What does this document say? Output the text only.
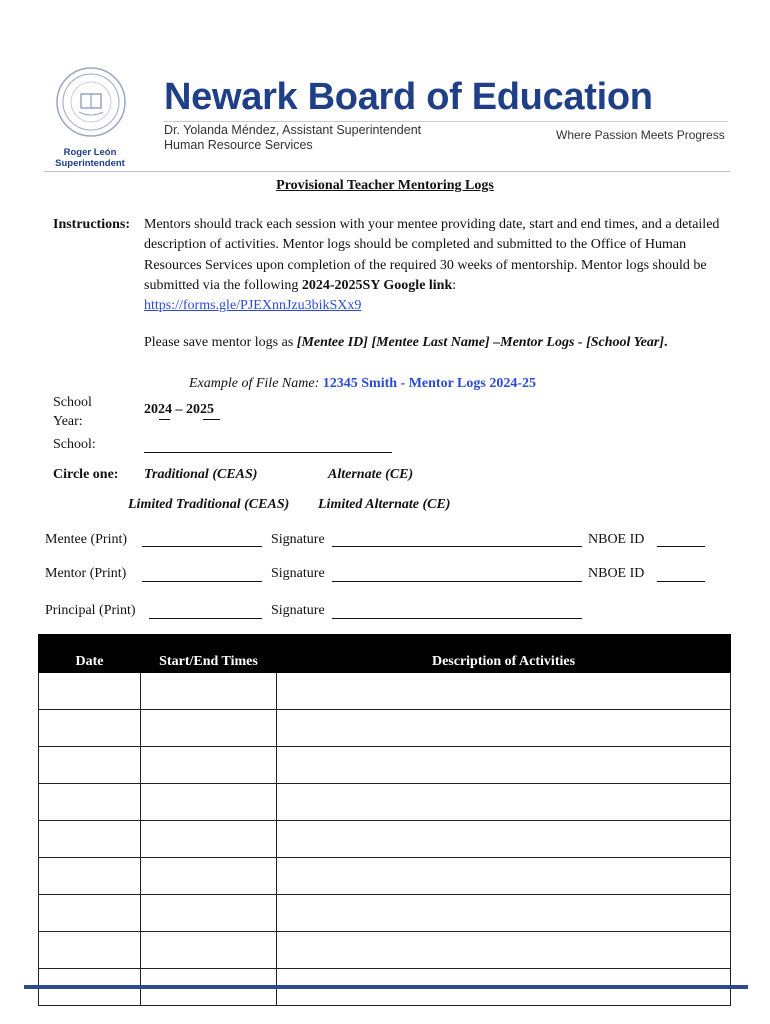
Newark Board of Education
Dr. Yolanda Méndez, Assistant Superintendent
Human Resource Services
Where Passion Meets Progress
Roger León
Superintendent
Provisional Teacher Mentoring Logs
Instructions: Mentors should track each session with your mentee providing date, start and end times, and a detailed description of activities. Mentor logs should be completed and submitted to the Office of Human Resources Services upon completion of the required 30 weeks of mentorship. Mentor logs should be submitted via the following 2024-2025SY Google link:
https://forms.gle/PJEXnnJzu3bikSXx9
Please save mentor logs as [Mentee ID] [Mentee Last Name] –Mentor Logs - [School Year].
Example of File Name: 12345 Smith - Mentor Logs 2024-25
School Year:
2024 – 2025
School:
Circle one: Traditional (CEAS)	Alternate (CE)
Limited Traditional (CEAS) Limited Alternate (CE)
Mentee (Print)	Signature	NBOE ID
Mentor (Print)	Signature	NBOE ID
Principal (Print)	Signature
Date	Start/End Times	Description of Activities
